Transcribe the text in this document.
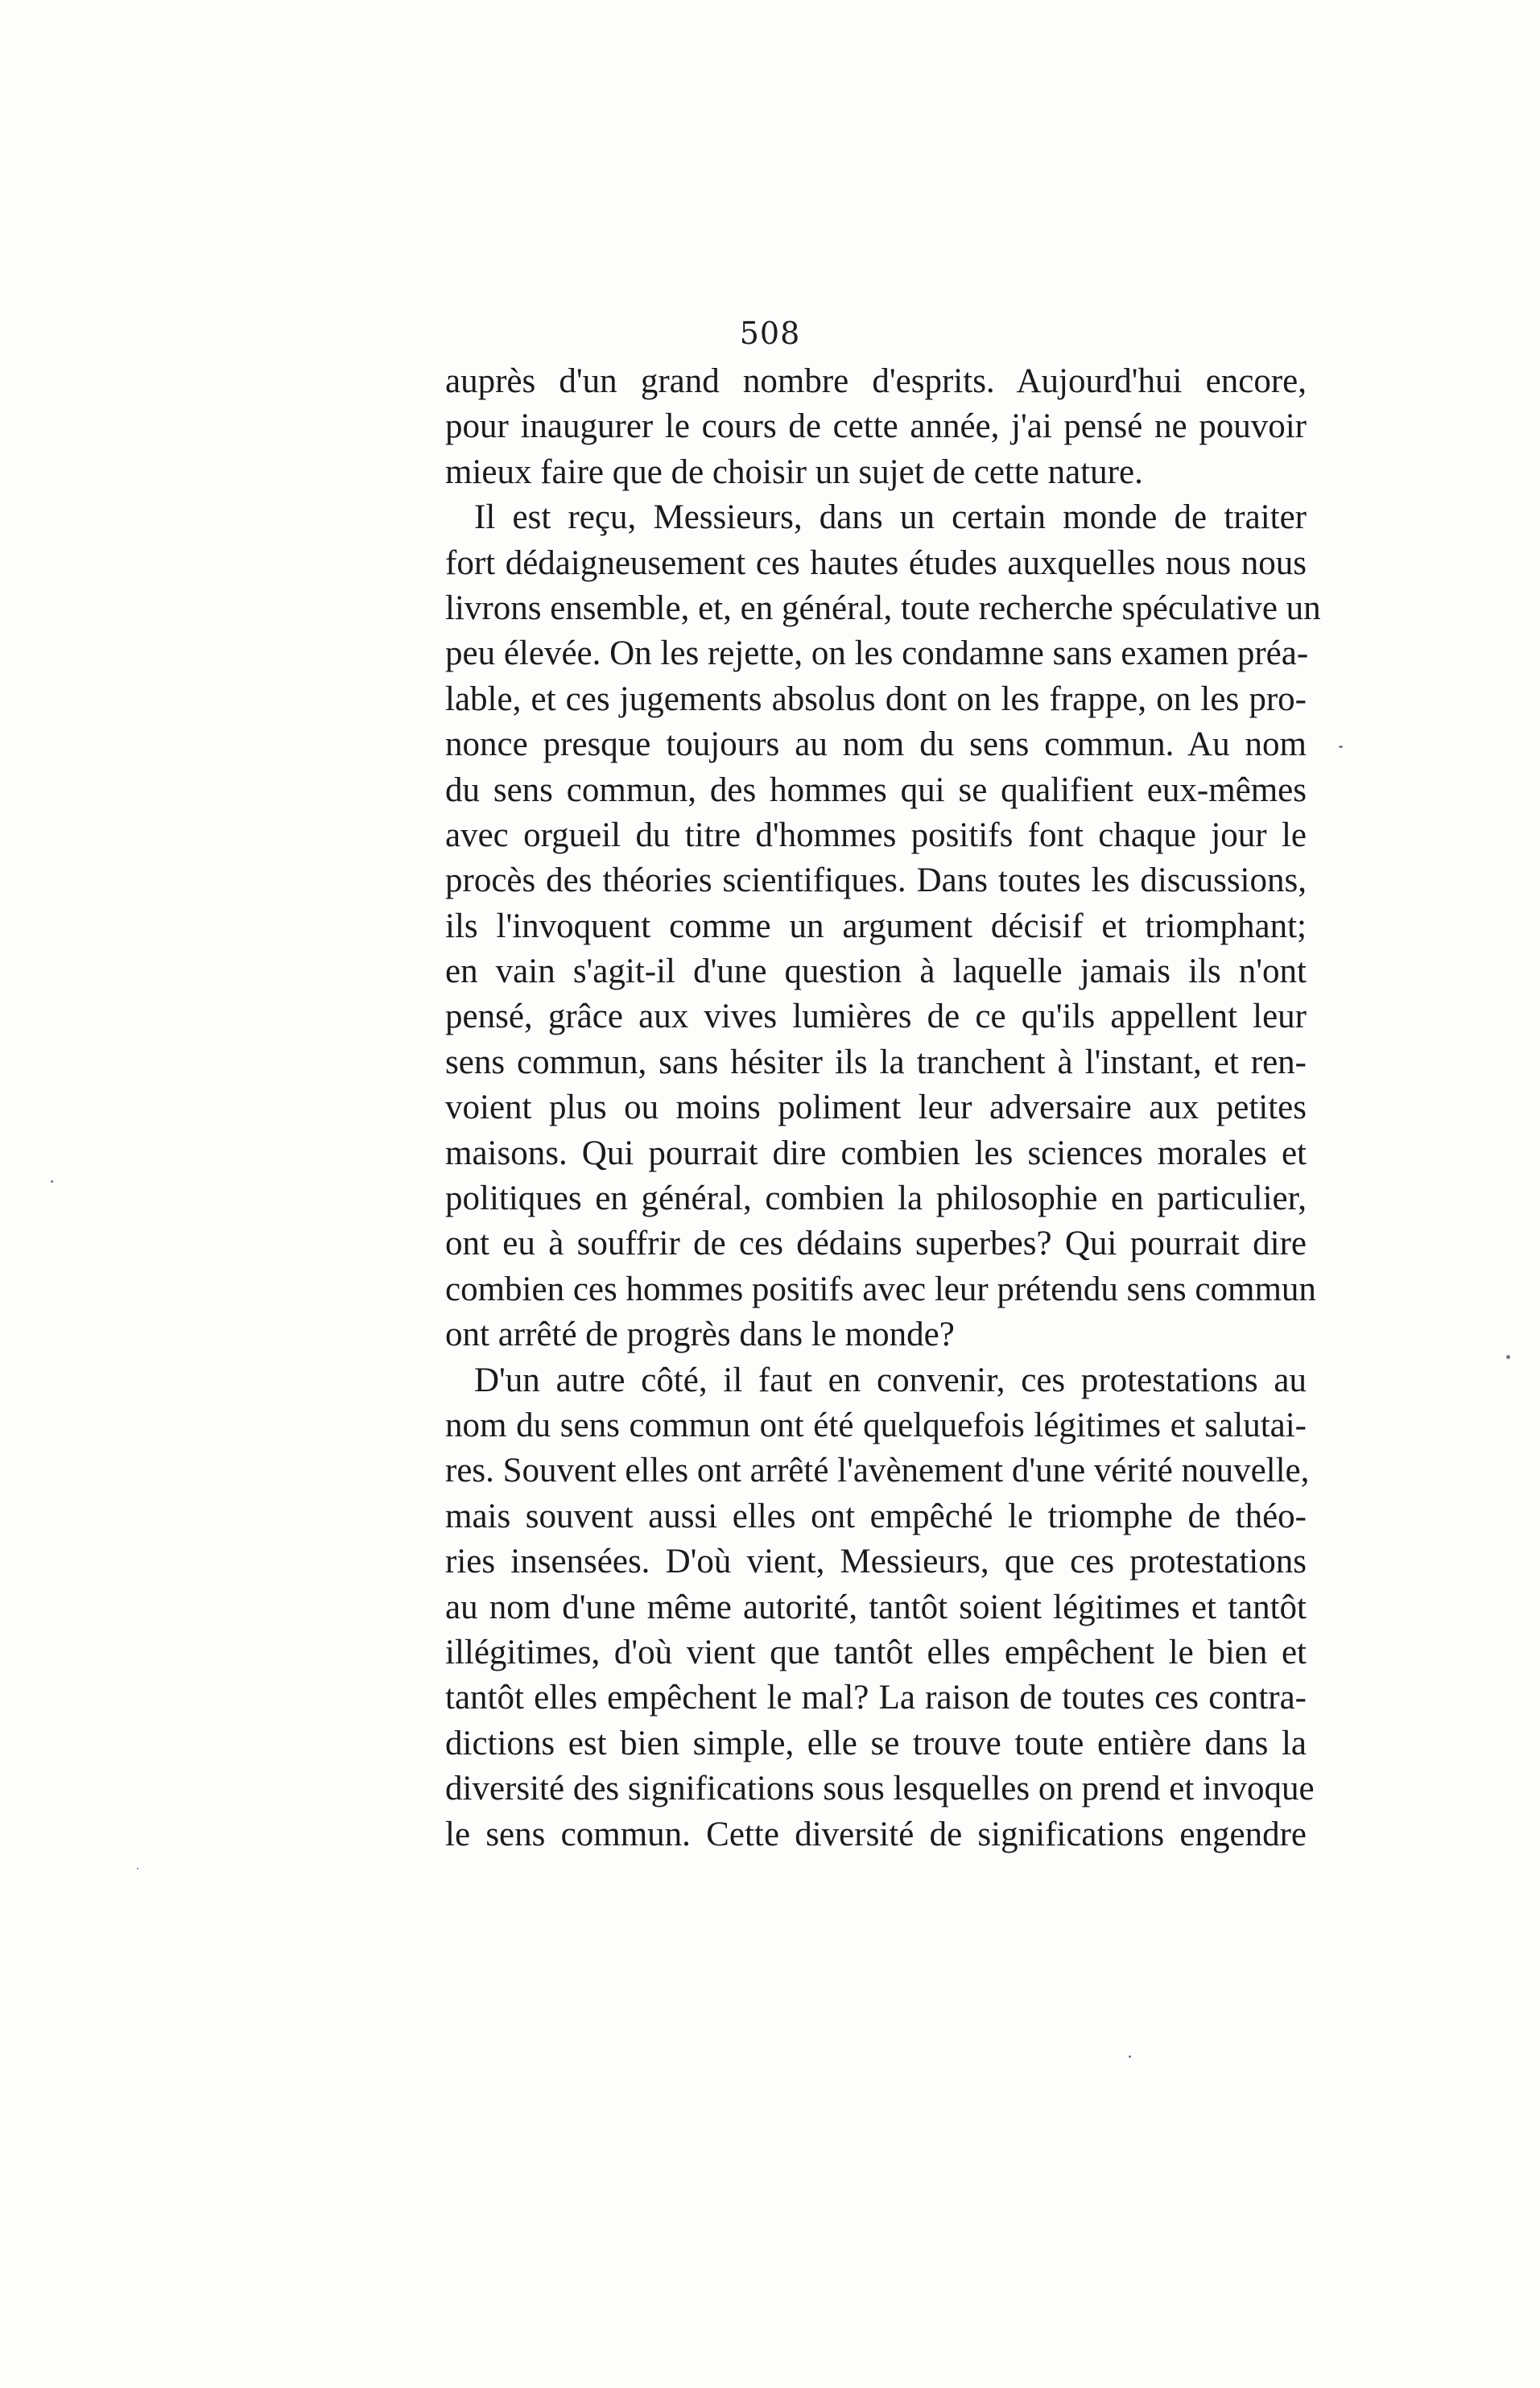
508
auprès d'un grand nombre d'esprits. Aujourd'hui encore,
pour inaugurer le cours de cette année, j'ai pensé ne pouvoir
mieux faire que de choisir un sujet de cette nature.
Il est reçu, Messieurs, dans un certain monde de traiter
fort dédaigneusement ces hautes études auxquelles nous nous
livrons ensemble, et, en général, toute recherche spéculative un
peu élevée. On les rejette, on les condamne sans examen préa-
lable, et ces jugements absolus dont on les frappe, on les pro-
nonce presque toujours au nom du sens commun. Au nom
du sens commun, des hommes qui se qualifient eux-mêmes
avec orgueil du titre d'hommes positifs font chaque jour le
procès des théories scientifiques. Dans toutes les discussions,
ils l'invoquent comme un argument décisif et triomphant;
en vain s'agit-il d'une question à laquelle jamais ils n'ont
pensé, grâce aux vives lumières de ce qu'ils appellent leur
sens commun, sans hésiter ils la tranchent à l'instant, et ren-
voient plus ou moins poliment leur adversaire aux petites
maisons. Qui pourrait dire combien les sciences morales et
politiques en général, combien la philosophie en particulier,
ont eu à souffrir de ces dédains superbes? Qui pourrait dire
combien ces hommes positifs avec leur prétendu sens commun
ont arrêté de progrès dans le monde?
D'un autre côté, il faut en convenir, ces protestations au
nom du sens commun ont été quelquefois légitimes et salutai-
res. Souvent elles ont arrêté l'avènement d'une vérité nouvelle,
mais souvent aussi elles ont empêché le triomphe de théo-
ries insensées. D'où vient, Messieurs, que ces protestations
au nom d'une même autorité, tantôt soient légitimes et tantôt
illégitimes, d'où vient que tantôt elles empêchent le bien et
tantôt elles empêchent le mal? La raison de toutes ces contra-
dictions est bien simple, elle se trouve toute entière dans la
diversité des significations sous lesquelles on prend et invoque
le sens commun. Cette diversité de significations engendre
